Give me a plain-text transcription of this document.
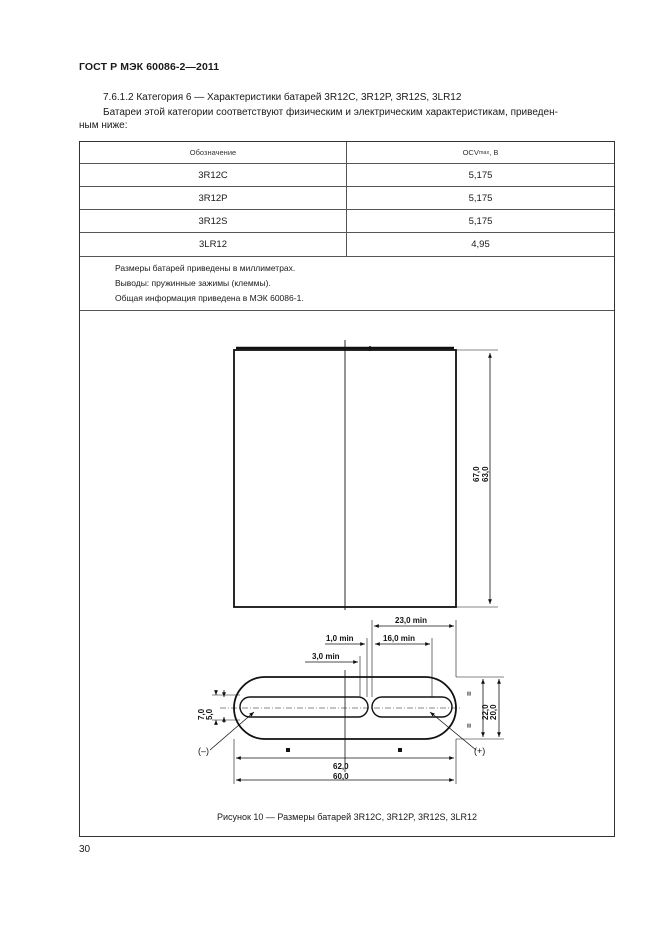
ГОСТ Р МЭК 60086-2—2011
7.6.1.2 Категория 6 — Характеристики батарей 3R12C, 3R12P, 3R12S, 3LR12
Батареи этой категории соответствуют физическим и электрическим характеристикам, приведен-
ным ниже:
Обозначение	OCV max , В
3R12C	5,175
3R12P	5,175
3R12S	5,175
3LR12	4,95
Размеры батарей приведены в миллиметрах.
Выводы: пружинные зажимы (клеммы).
Общая информация приведена в МЭК 60086-1.
67,0 63,0
23,0 min
16,0 min
1,0 min
3,0 min
7,0 5,0
=
=
22,0 20,0
62,0
60,0
(–)	(+)
Рисунок 10 — Размеры батарей 3R12C, 3R12P, 3R12S, 3LR12
30
